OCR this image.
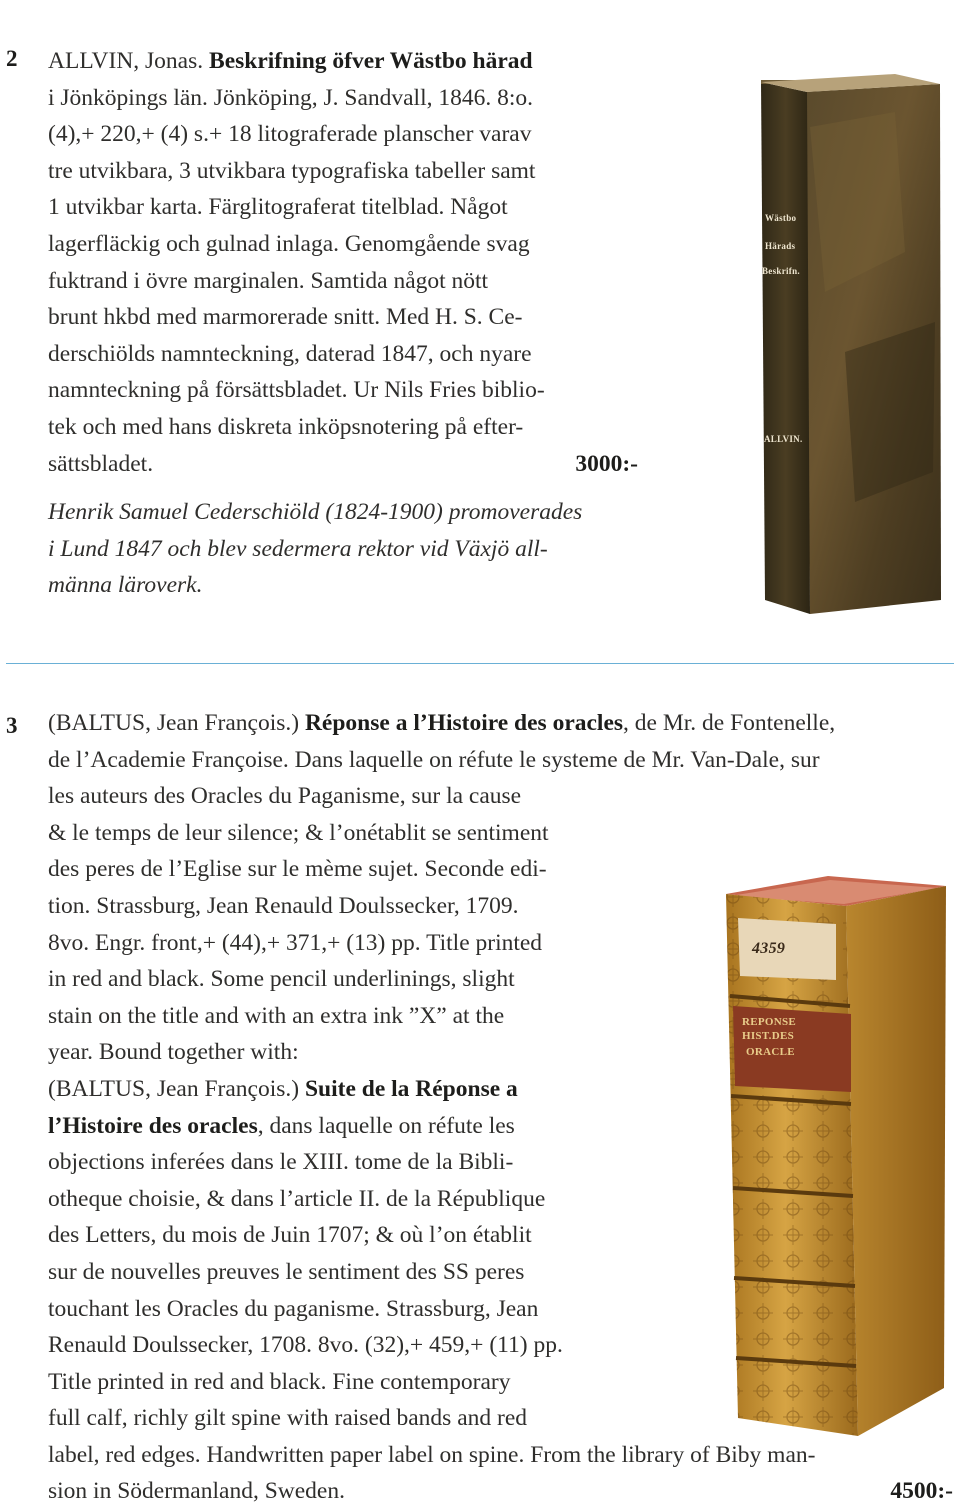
2 ALLVIN, Jonas. Beskrifning öfver Wästbo härad

i Jönköpings län. Jönköping, J. Sandvall, 1846. 8:o.

(4),+ 220,+ (4) s.+ 18 litograferade planscher varav

tre utvikbara, 3 utvikbara typografiska tabeller samt

1 utvikbar karta. Färglitograferat titelblad. Något

lagerfläckig och gulnad inlaga. Genomgående svag

fuktrand i övre marginalen. Samtida något nött

brunt hkbd med marmorerade snitt. Med H. S. Ce-

derschiölds namnteckning, daterad 1847, och nyare

namnteckning på försättsbladet. Ur Nils Fries biblio-

tek och med hans diskreta inköpsnotering på efter-

sättsbladet.	3000:-

Henrik Samuel Cederschiöld (1824-1900) promoverades

i Lund 1847 och blev sedermera rektor vid Växjö all-

männa läroverk.

Wästbo
Härads
Beskrifn.
ALLVIN.
3 (BALTUS, Jean François.) Réponse a l’Histoire des oracles, de Mr. de Fontenelle,

de l’Academie Françoise. Dans laquelle on réfute le systeme de Mr. Van-Dale, sur

les auteurs des Oracles du Paganisme, sur la cause

& le temps de leur silence; & l’onétablit se sentiment

des peres de l’Eglise sur le mème sujet. Seconde edi-

tion. Strassburg, Jean Renauld Doulssecker, 1709.

8vo. Engr. front,+ (44),+ 371,+ (13) pp. Title printed

in red and black. Some pencil underlinings, slight

stain on the title and with an extra ink ”X” at the

year. Bound together with:

(BALTUS, Jean François.) Suite de la Réponse a

l’Histoire des oracles, dans laquelle on réfute les

objections inferées dans le XIII. tome de la Bibli-

otheque choisie, & dans l’article II. de la République

des Letters, du mois de Juin 1707; & où l’on établit

sur de nouvelles preuves le sentiment des SS peres

touchant les Oracles du paganisme. Strassburg, Jean

Renauld Doulssecker, 1708. 8vo. (32),+ 459,+ (11) pp.

Title printed in red and black. Fine contemporary

full calf, richly gilt spine with raised bands and red

label, red edges. Handwritten paper label on spine. From the library of Biby man-

sion in Södermanland, Sweden.	4500:-

4359
REPONSE
HIST.DES
ORACLE
